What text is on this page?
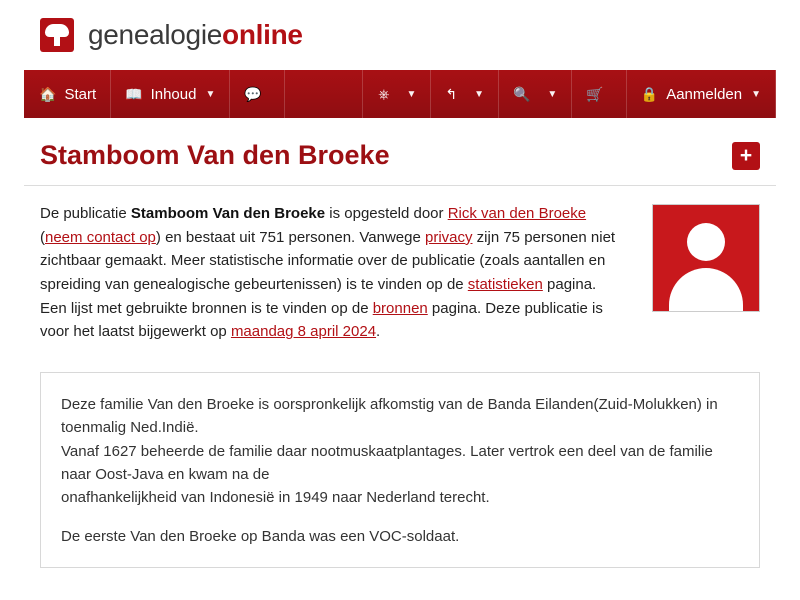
genealogieonline
🏠 Start 📖 Inhoud ▼ 💬	⎈ ▼ ↰ ▼ 🔍 ▼ 🛒	🔒 Aanmelden ▼
Stamboom Van den Broeke	+
De publicatie Stamboom Van den Broeke is opgesteld door Rick van den Broeke (neem contact op) en bestaat uit 751 personen. Vanwege privacy zijn 75 personen niet zichtbaar gemaakt. Meer statistische informatie over de publicatie (zoals aantallen en spreiding van genealogische gebeurtenissen) is te vinden op de statistieken pagina. Een lijst met gebruikte bronnen is te vinden op de bronnen pagina. Deze publicatie is voor het laatst bijgewerkt op maandag 8 april 2024.

Deze familie Van den Broeke is oorspronkelijk afkomstig van de Banda Eilanden(Zuid-Molukken) in toenmalig Ned.Indië.
Vanaf 1627 beheerde de familie daar nootmuskaatplantages. Later vertrok een deel van de familie naar Oost-Java en kwam na de
onafhankelijkheid van Indonesië in 1949 naar Nederland terecht.

De eerste Van den Broeke op Banda was een VOC-soldaat.
